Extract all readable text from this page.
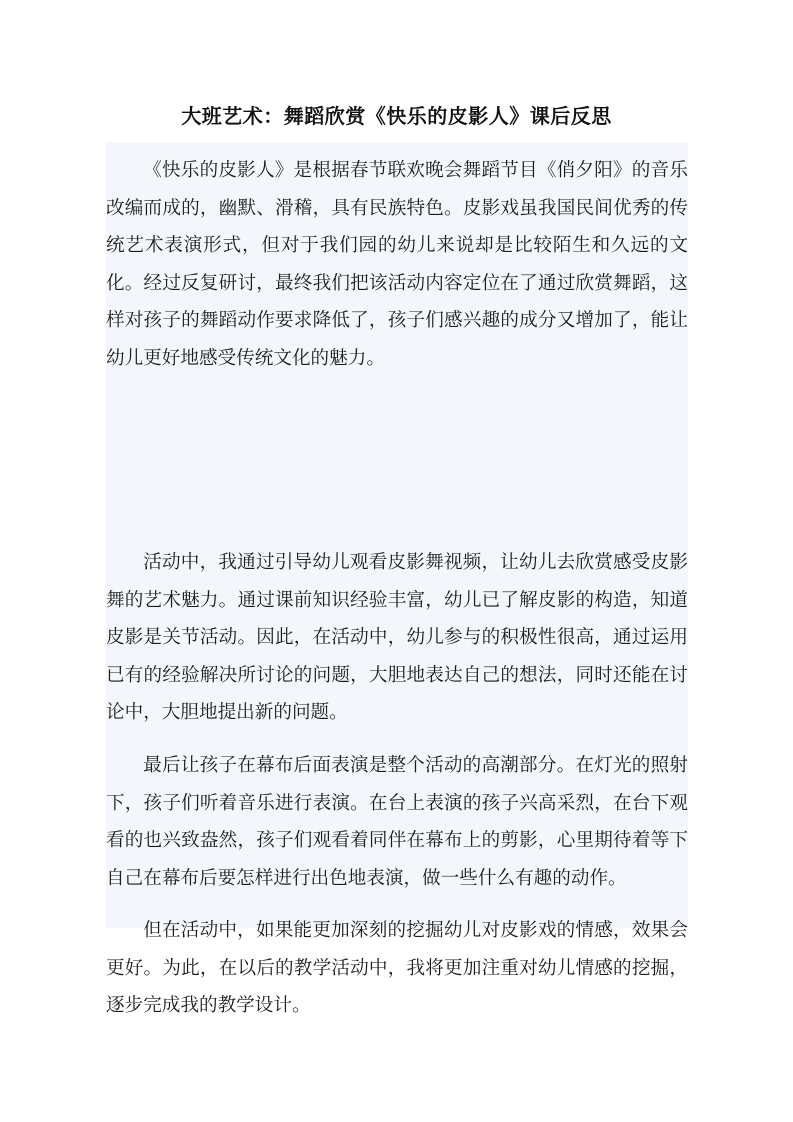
大班艺术：舞蹈欣赏《快乐的皮影人》课后反思

《快乐的皮影人》是根据春节联欢晚会舞蹈节目《俏夕阳》的音乐改编而成的，幽默、滑稽，具有民族特色。皮影戏虽我国民间优秀的传统艺术表演形式，但对于我们园的幼儿来说却是比较陌生和久远的文化。经过反复研讨，最终我们把该活动内容定位在了通过欣赏舞蹈，这样对孩子的舞蹈动作要求降低了，孩子们感兴趣的成分又增加了，能让幼儿更好地感受传统文化的魅力。

活动中，我通过引导幼儿观看皮影舞视频，让幼儿去欣赏感受皮影舞的艺术魅力。通过课前知识经验丰富，幼儿已了解皮影的构造，知道皮影是关节活动。因此，在活动中，幼儿参与的积极性很高，通过运用已有的经验解决所讨论的问题，大胆地表达自己的想法，同时还能在讨论中，大胆地提出新的问题。

最后让孩子在幕布后面表演是整个活动的高潮部分。在灯光的照射下，孩子们听着音乐进行表演。在台上表演的孩子兴高采烈，在台下观看的也兴致盎然，孩子们观看着同伴在幕布上的剪影，心里期待着等下自己在幕布后要怎样进行出色地表演，做一些什么有趣的动作。

但在活动中，如果能更加深刻的挖掘幼儿对皮影戏的情感，效果会更好。为此，在以后的教学活动中，我将更加注重对幼儿情感的挖掘，逐步完成我的教学设计。
